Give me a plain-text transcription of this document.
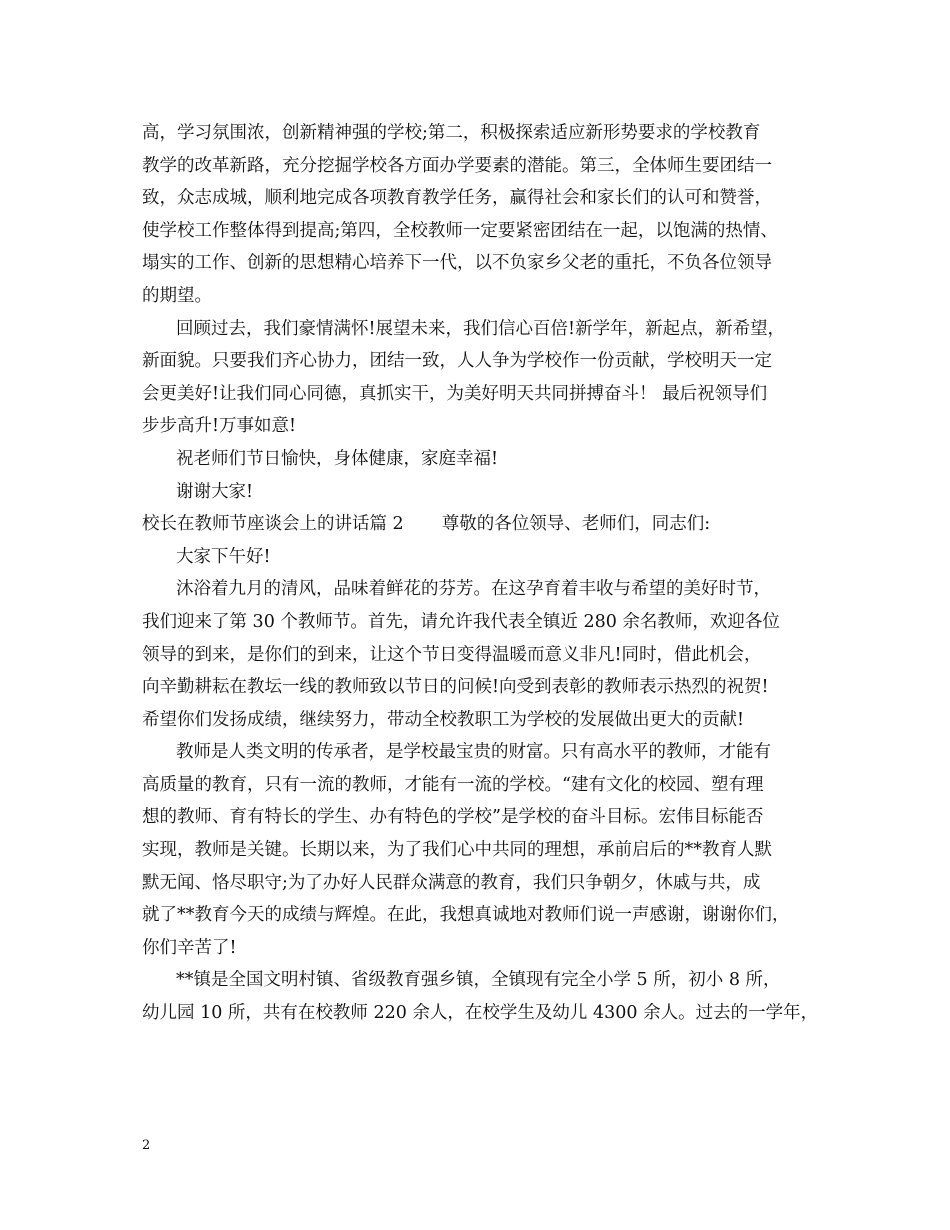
高，学习氛围浓，创新精神强的学校;第二，积极探索适应新形势要求的学校教育
教学的改革新路，充分挖掘学校各方面办学要素的潜能。第三，全体师生要团结一
致，众志成城，顺利地完成各项教育教学任务，赢得社会和家长们的认可和赞誉，
使学校工作整体得到提高;第四，全校教师一定要紧密团结在一起，以饱满的热情、
塌实的工作、创新的思想精心培养下一代，以不负家乡父老的重托，不负各位领导
的期望。
回顾过去，我们豪情满怀!展望未来，我们信心百倍!新学年，新起点，新希望，
新面貌。只要我们齐心协力，团结一致，人人争为学校作一份贡献，学校明天一定
会更美好!让我们同心同德，真抓实干，为美好明天共同拼搏奋斗！ 最后祝领导们
步步高升!万事如意!
祝老师们节日愉快，身体健康，家庭幸福!
谢谢大家!
校长在教师节座谈会上的讲话篇 2 尊敬的各位领导、老师们，同志们:
大家下午好!
沐浴着九月的清风，品味着鲜花的芬芳。在这孕育着丰收与希望的美好时节，
我们迎来了第 30 个教师节。首先，请允许我代表全镇近 280 余名教师，欢迎各位
领导的到来，是你们的到来，让这个节日变得温暖而意义非凡!同时，借此机会，
向辛勤耕耘在教坛一线的教师致以节日的问候!向受到表彰的教师表示热烈的祝贺!
希望你们发扬成绩，继续努力，带动全校教职工为学校的发展做出更大的贡献!
教师是人类文明的传承者，是学校最宝贵的财富。只有高水平的教师，才能有
高质量的教育，只有一流的教师，才能有一流的学校。“建有文化的校园、塑有理
想的教师、育有特长的学生、办有特色的学校”是学校的奋斗目标。宏伟目标能否
实现，教师是关键。长期以来，为了我们心中共同的理想，承前启后的**教育人默
默无闻、恪尽职守;为了办好人民群众满意的教育，我们只争朝夕，休戚与共，成
就了**教育今天的成绩与辉煌。在此，我想真诚地对教师们说一声感谢，谢谢你们，
你们辛苦了!
**镇是全国文明村镇、省级教育强乡镇，全镇现有完全小学 5 所，初小 8 所，
幼儿园 10 所，共有在校教师 220 余人，在校学生及幼儿 4300 余人。过去的一学年，
2
